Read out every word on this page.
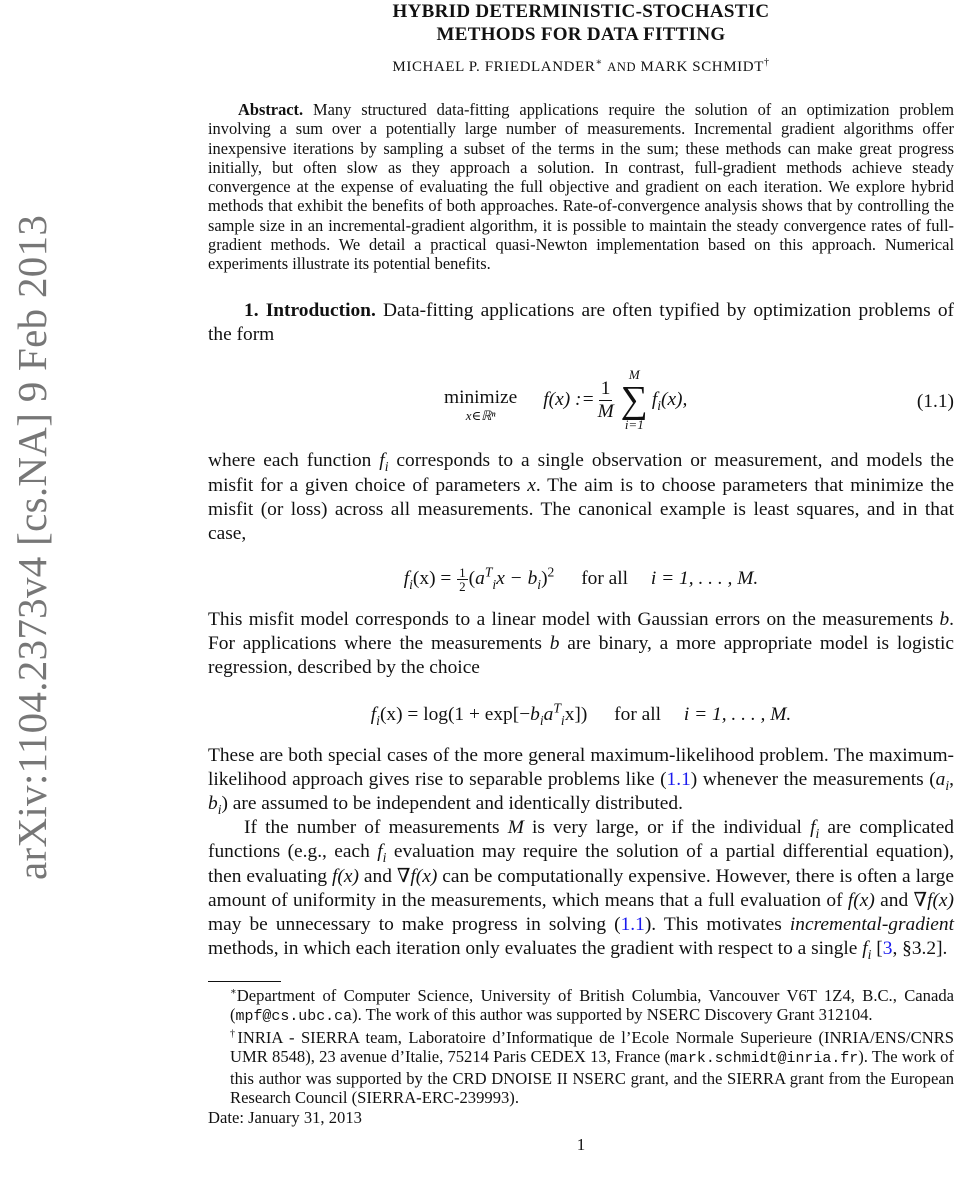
arXiv:1104.2373v4 [cs.NA] 9 Feb 2013
HYBRID DETERMINISTIC-STOCHASTIC
METHODS FOR DATA FITTING
MICHAEL P. FRIEDLANDER∗ AND MARK SCHMIDT†
Abstract. Many structured data-fitting applications require the solution of an optimization problem involving a sum over a potentially large number of measurements. Incremental gradient algorithms offer inexpensive iterations by sampling a subset of the terms in the sum; these methods can make great progress initially, but often slow as they approach a solution. In contrast, full-gradient methods achieve steady convergence at the expense of evaluating the full objective and gradient on each iteration. We explore hybrid methods that exhibit the benefits of both approaches. Rate-of-convergence analysis shows that by controlling the sample size in an incremental-gradient algorithm, it is possible to maintain the steady convergence rates of full-gradient methods. We detail a practical quasi-Newton implementation based on this approach. Numerical experiments illustrate its potential benefits.
1. Introduction. Data-fitting applications are often typified by optimization problems of the form
minimize
x∈ℝⁿ
f(x) := $\frac{1}{M}$
M
∑
i=1
$f_i(x)$,	(1.1)
where each function $f_i$ corresponds to a single observation or measurement, and models the misfit for a given choice of parameters x. The aim is to choose parameters that minimize the misfit (or loss) across all measurements. The canonical example is least squares, and in that case,
$f_i(x) = \frac{1}{2} (a^T_ix - b_i)^2$ for all i = 1, . . . , M.
This misfit model corresponds to a linear model with Gaussian errors on the measurements b. For applications where the measurements b are binary, a more appropriate model is logistic regression, described by the choice
$f_i(x) = \log(1 + \exp[-b_ia^T_ix])$ for all i = 1, . . . , M.
These are both special cases of the more general maximum-likelihood problem. The maximum-likelihood approach gives rise to separable problems like (1.1) whenever the measurements ($a_i$, $b_i$) are assumed to be independent and identically distributed.
If the number of measurements M is very large, or if the individual $f_i$ are complicated functions (e.g., each $f_i$ evaluation may require the solution of a partial differential equation), then evaluating f(x) and ∇f(x) can be computationally expensive. However, there is often a large amount of uniformity in the measurements, which means that a full evaluation of f(x) and ∇f(x) may be unnecessary to make progress in solving (1.1). This motivates incremental-gradient methods, in which each iteration only evaluates the gradient with respect to a single $f_i$ [3, §3.2].
∗Department of Computer Science, University of British Columbia, Vancouver V6T 1Z4, B.C., Canada (mpf@cs.ubc.ca). The work of this author was supported by NSERC Discovery Grant 312104.
†INRIA - SIERRA team, Laboratoire d’Informatique de l’Ecole Normale Superieure (INRIA/ENS/CNRS UMR 8548), 23 avenue d’Italie, 75214 Paris CEDEX 13, France (mark.schmidt@inria.fr). The work of this author was supported by the CRD DNOISE II NSERC grant, and the SIERRA grant from the European Research Council (SIERRA-ERC-239993).
Date: January 31, 2013
1
